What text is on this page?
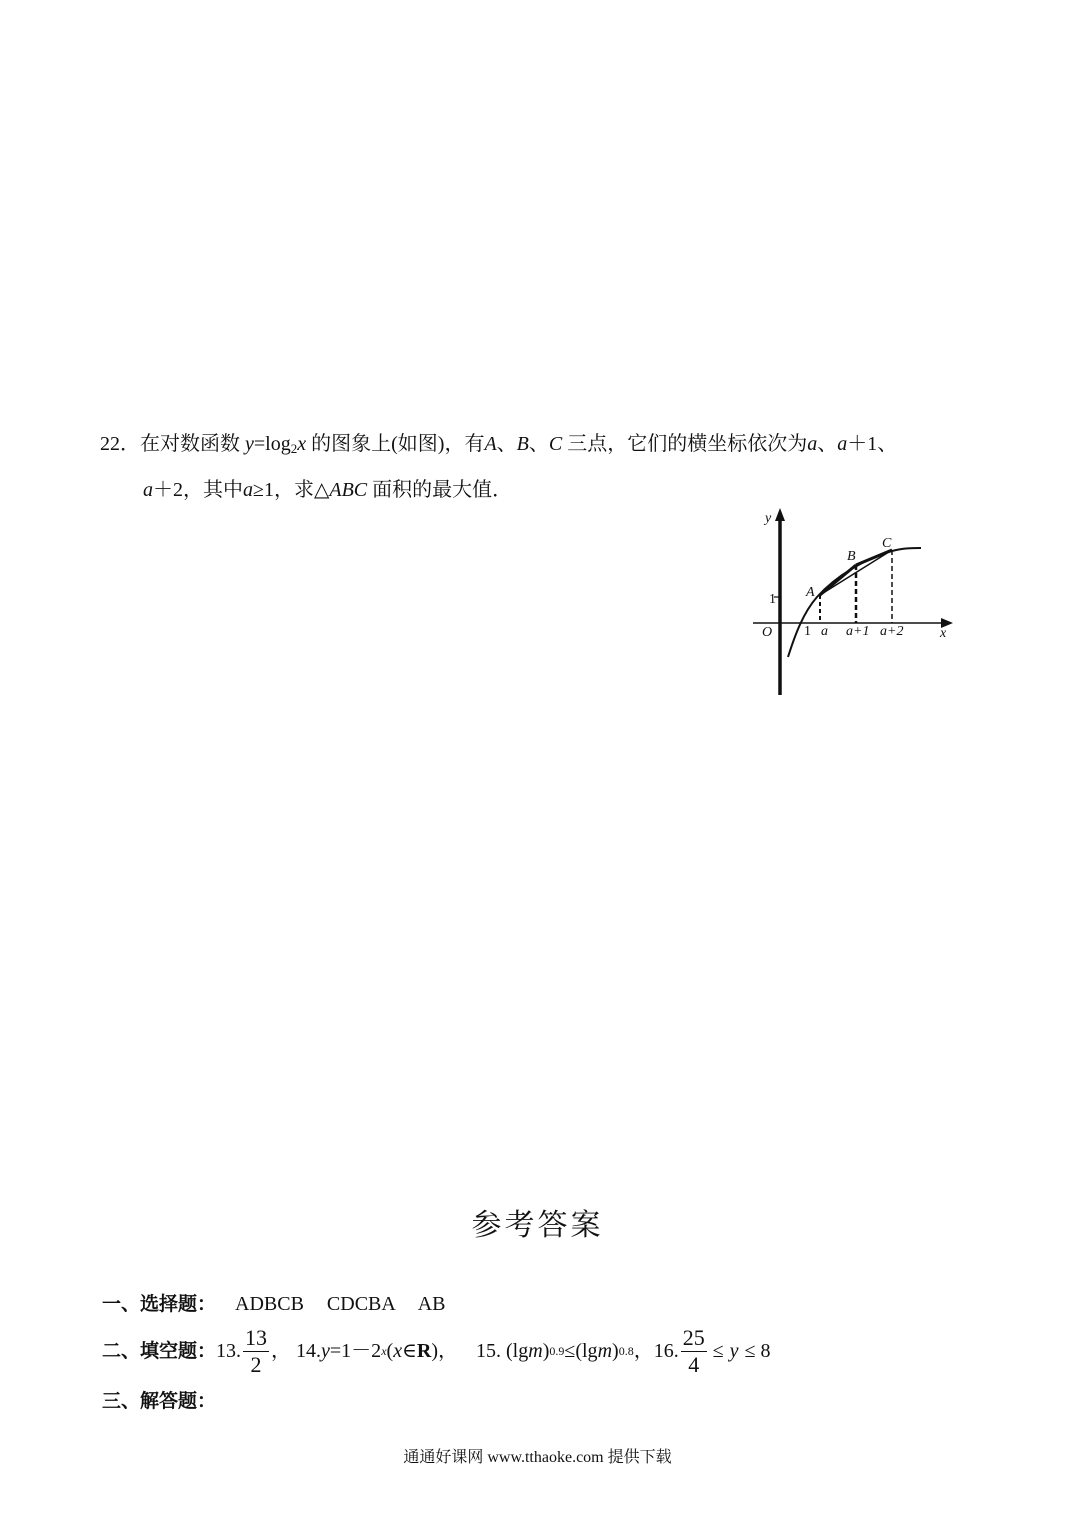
22．在对数函数 $y=\log_2x$ 的图象上(如图)，有A、B、C 三点，它们的横坐标依次为a、a＋1、
a＋2，其中a≥1，求△ABC 面积的最大值．
y
x
O
1
1 a a+1 a+2
A
B
C
参考答案
一、选择题： ADBCB CDCBA AB
二、填空题： 13. $\frac{13}{2}$ ，
14. y =1－2 x ( x ∈ R )， 15.
(lg m ) 0.9 ≤(lg m ) 0.8 ， 16. $\frac{25}{4} \le y \le 8$
三、解答题：
通通好课网 www.tthaoke.com 提供下载
